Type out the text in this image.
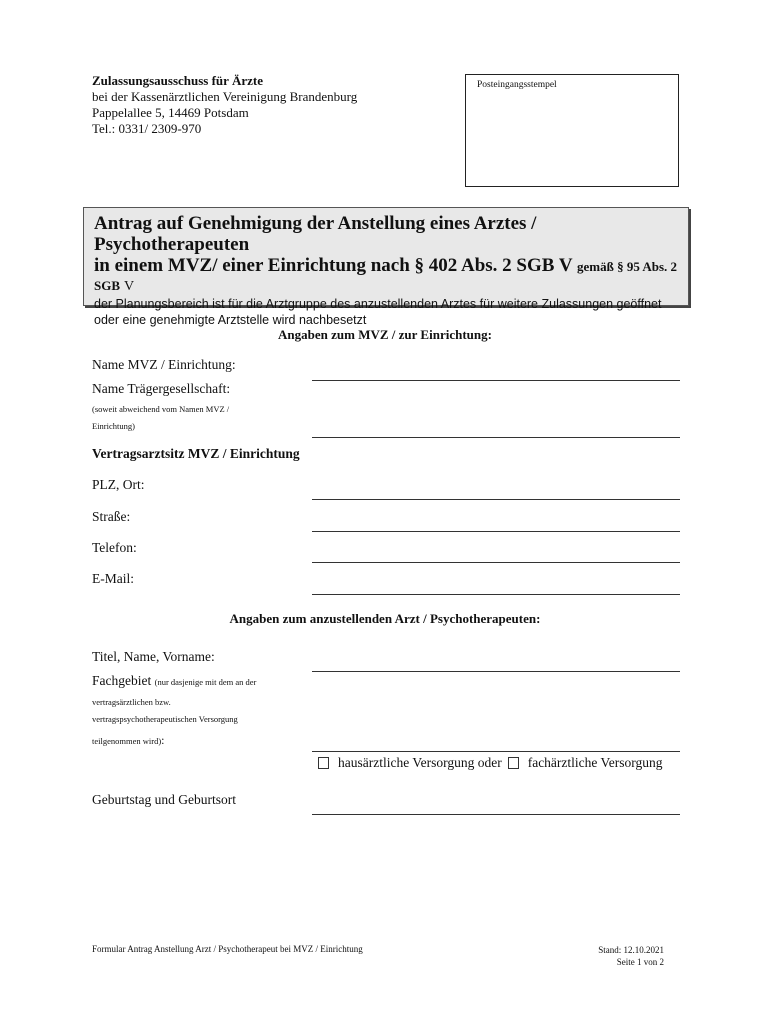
Zulassungsausschuss für Ärzte
bei der Kassenärztlichen Vereinigung Brandenburg
Pappelallee 5, 14469 Potsdam
Tel.: 0331/ 2309-970
Posteingangsstempel
Antrag auf Genehmigung der Anstellung eines Arztes / Psychotherapeuten
in einem MVZ/ einer Einrichtung nach § 402 Abs. 2 SGB V gemäß § 95 Abs. 2
SGB V
der Planungsbereich ist für die Arztgruppe des anzustellenden Arztes für weitere Zulassungen geöffnet
oder eine genehmigte Arztstelle wird nachbesetzt
Angaben zum MVZ / zur Einrichtung:
Name MVZ / Einrichtung:
Name Trägergesellschaft:
(soweit abweichend vom Namen MVZ /
Einrichtung)
Vertragsarztsitz MVZ / Einrichtung
PLZ, Ort:
Straße:
Telefon:
E-Mail:
Angaben zum anzustellenden Arzt / Psychotherapeuten:
Titel, Name, Vorname:
Fachgebiet (nur dasjenige mit dem an der
vertragsärztlichen bzw.
vertragspsychotherapeutischen Versorgung
teilgenommen wird):
hausärztliche Versorgung oder fachärztliche Versorgung
Geburtstag und Geburtsort
Formular Antrag Anstellung Arzt / Psychotherapeut bei MVZ / Einrichtung	Stand: 12.10.2021
Seite 1 von 2
